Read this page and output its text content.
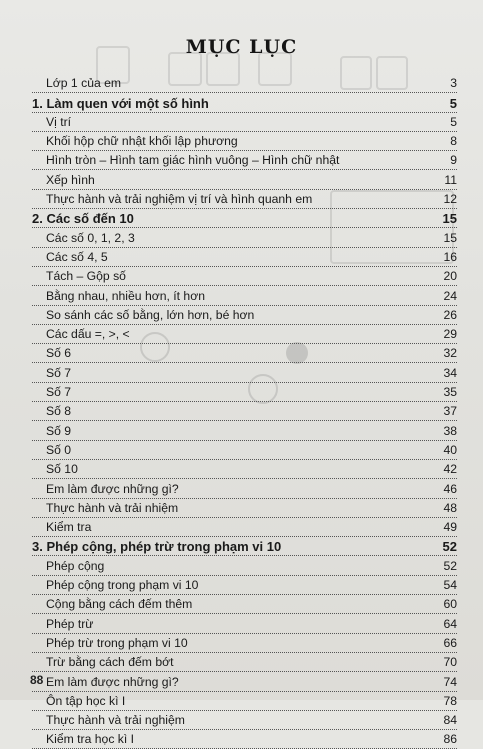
MỤC LỤC
Lớp 1 của em	3
1. Làm quen với một số hình	5
Vị trí	5
Khối hộp chữ nhật khối lập phương	8
Hình tròn – Hình tam giác hình vuông – Hình chữ nhật	9
Xếp hình	11
Thực hành và trải nghiệm vị trí và hình quanh em	12
2. Các số đến 10	15
Các số 0, 1, 2, 3	15
Các số 4, 5	16
Tách – Gộp số	20
Bằng nhau, nhiều hơn, ít hơn	24
So sánh các số bằng, lớn hơn, bé hơn	26
Các dấu =, >, <	29
Số 6	32
Số 7	34
Số 7	35
Số 8	37
Số 9	38
Số 0	40
Số 10	42
Em làm được những gì?	46
Thực hành và trải nhiệm	48
Kiểm tra	49
3. Phép cộng, phép trừ trong phạm vi 10	52
Phép cộng	52
Phép cộng trong phạm vi 10	54
Cộng bằng cách đếm thêm	60
Phép trừ	64
Phép trừ trong phạm vi 10	66
Trừ bằng cách đếm bớt	70
Em làm được những gì?	74
Ôn tập học kì I	78
Thực hành và trải nghiệm	84
Kiểm tra học kì I	86
88
